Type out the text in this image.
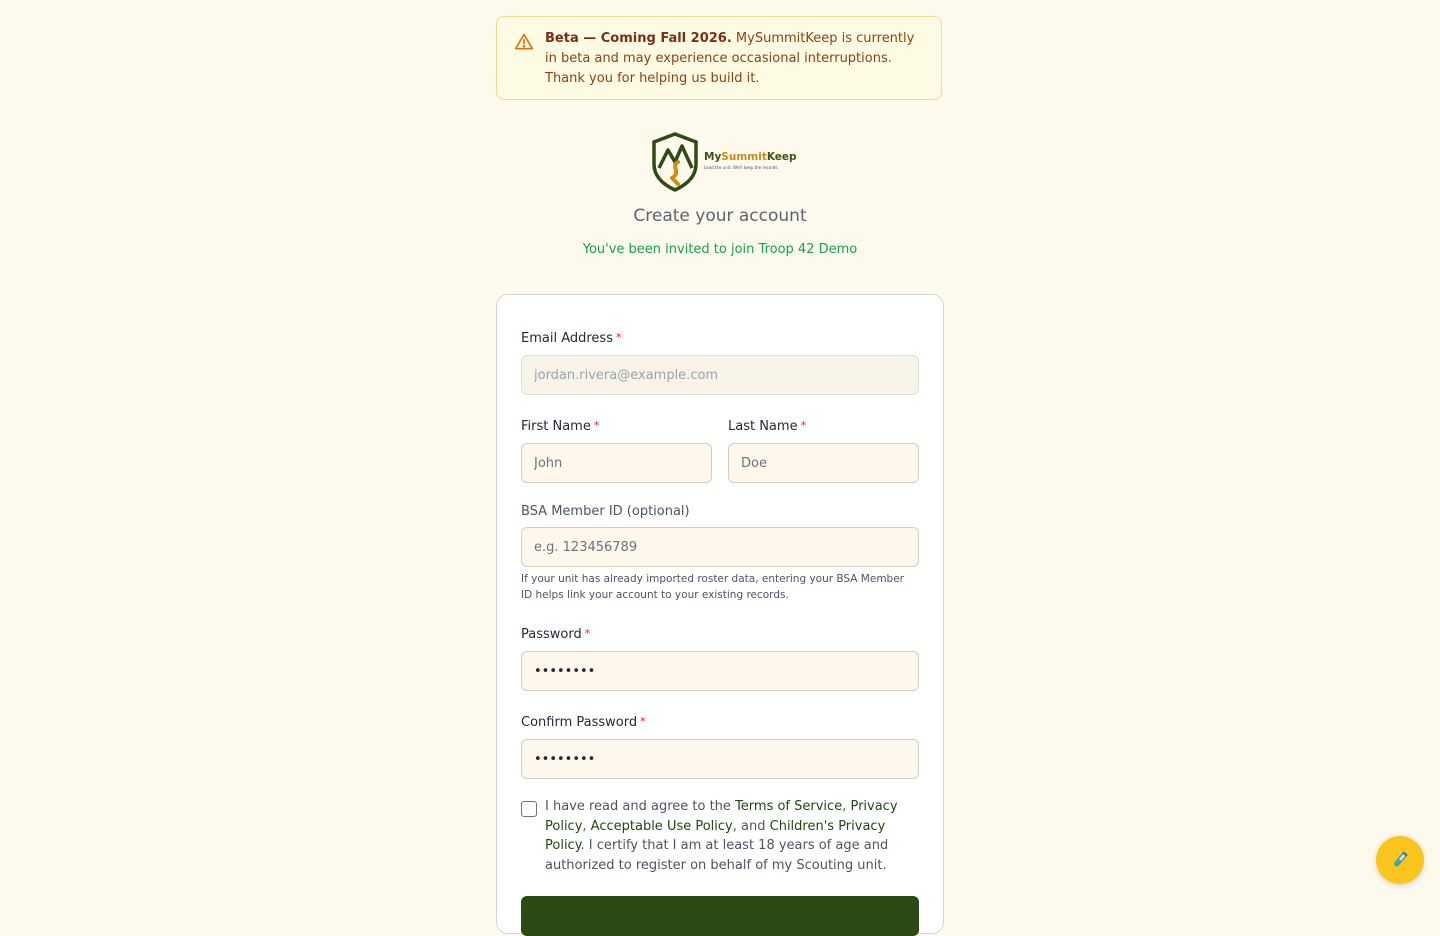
Beta — Coming Fall 2026. MySummitKeep is currently in beta and may experience occasional interruptions. Thank you for helping us build it.
MySummitKeep
Lead the unit. We'll keep the records.
Create your account
You've been invited to join Troop 42 Demo
Email Address *
jordan.rivera@example.com
First Name *
John	Last Name *
Doe
BSA Member ID (optional)
e.g. 123456789
If your unit has already imported roster data, entering your BSA Member ID helps link your account to your existing records.
Password *
••••••••
Confirm Password *
••••••••
I have read and agree to the Terms of Service, Privacy Policy, Acceptable Use Policy, and Children's Privacy Policy. I certify that I am at least 18 years of age and authorized to register on behalf of my Scouting unit.
